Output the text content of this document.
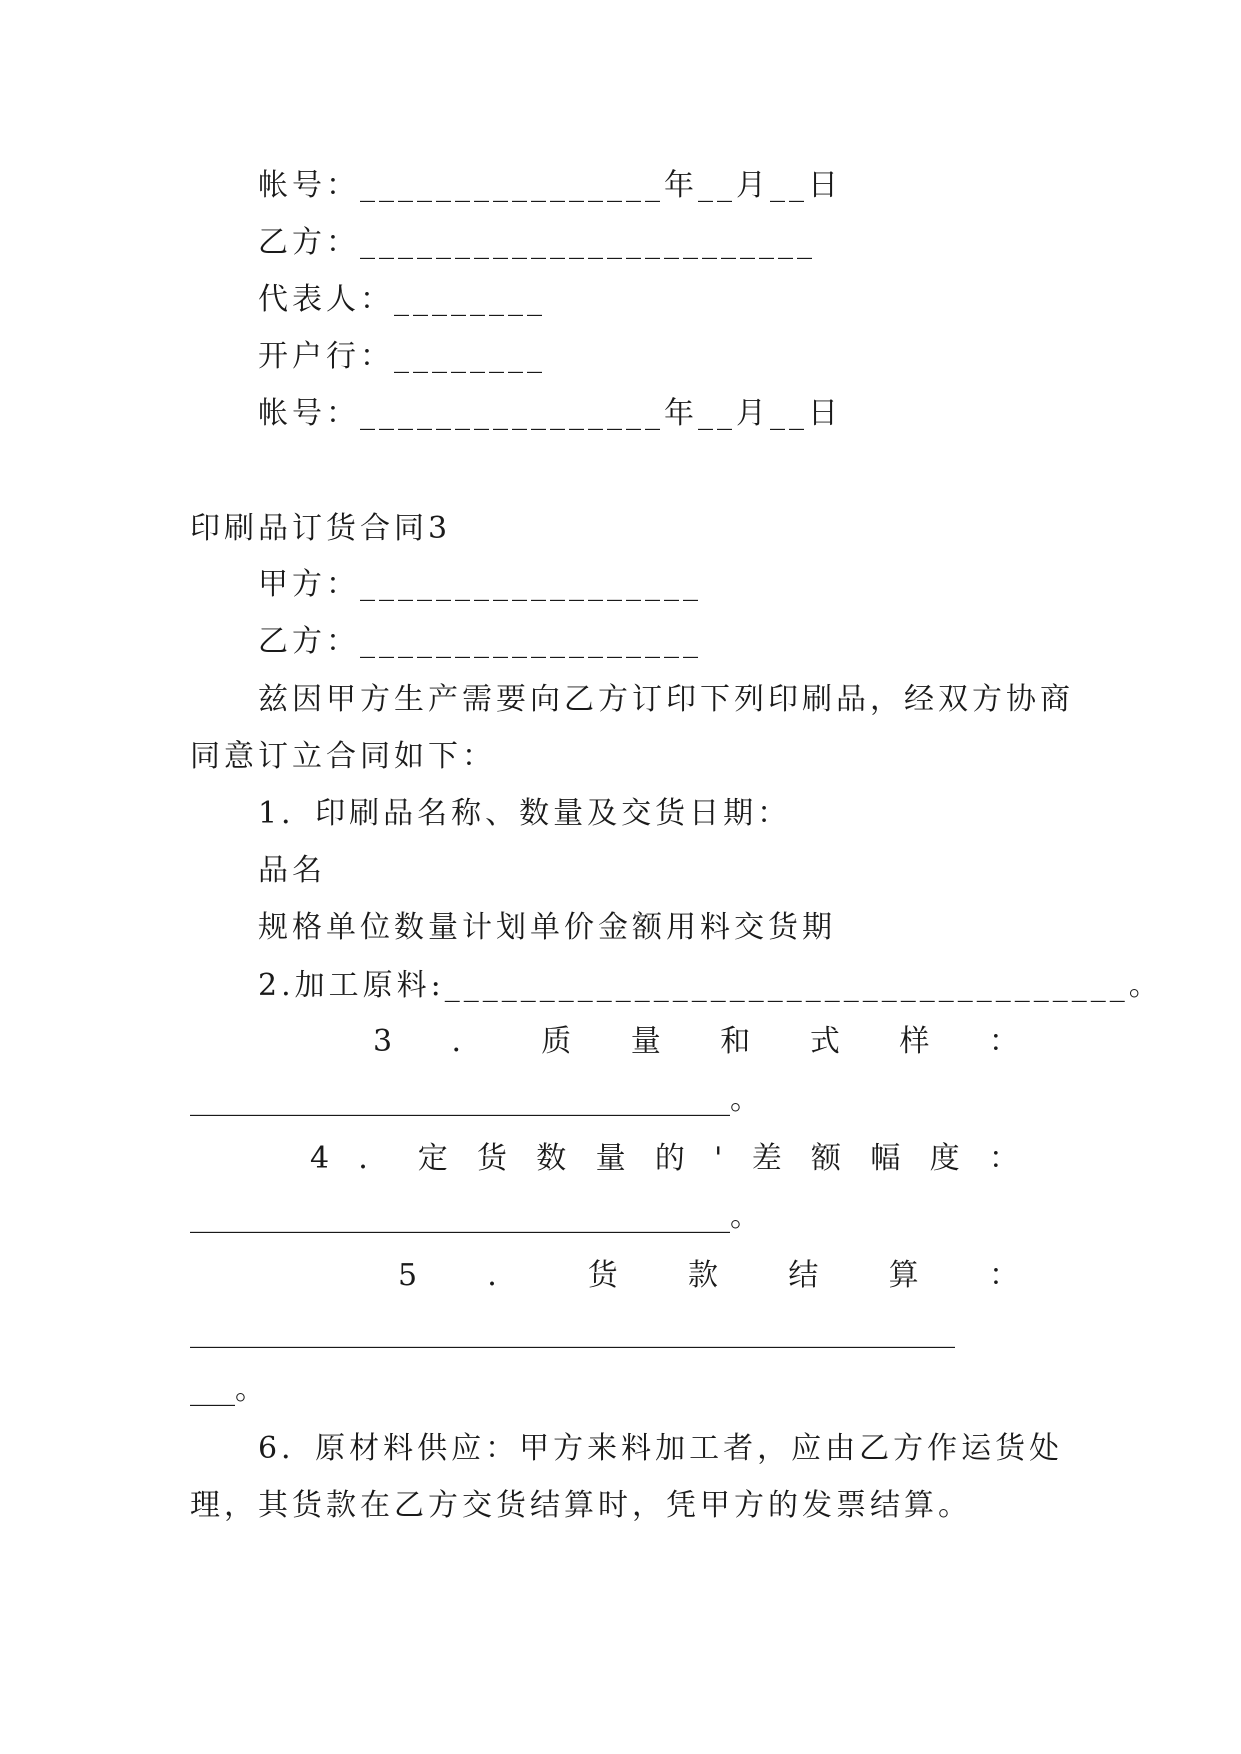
帐号：________________年__月__日
乙方：________________________
代表人：________
开户行：________
帐号：________________年__月__日
印刷品订货合同3
甲方：__________________
乙方：__________________
兹因甲方生产需要向乙方订印下列印刷品，经双方协商
同意订立合同如下：
1．印刷品名称、数量及交货日期：
品名
规格单位数量计划单价金额用料交货期
2.加工原料:____________________________________。
3 ． 质 量 和 式 样 ：
____________________________________。
4 ． 定 货 数 量 的 ' 差 额 幅 度 ：
____________________________________。
5 ． 货 款 结 算 ：
___________________________________________________
___。
6．原材料供应：甲方来料加工者，应由乙方作运货处
理，其货款在乙方交货结算时，凭甲方的发票结算。
